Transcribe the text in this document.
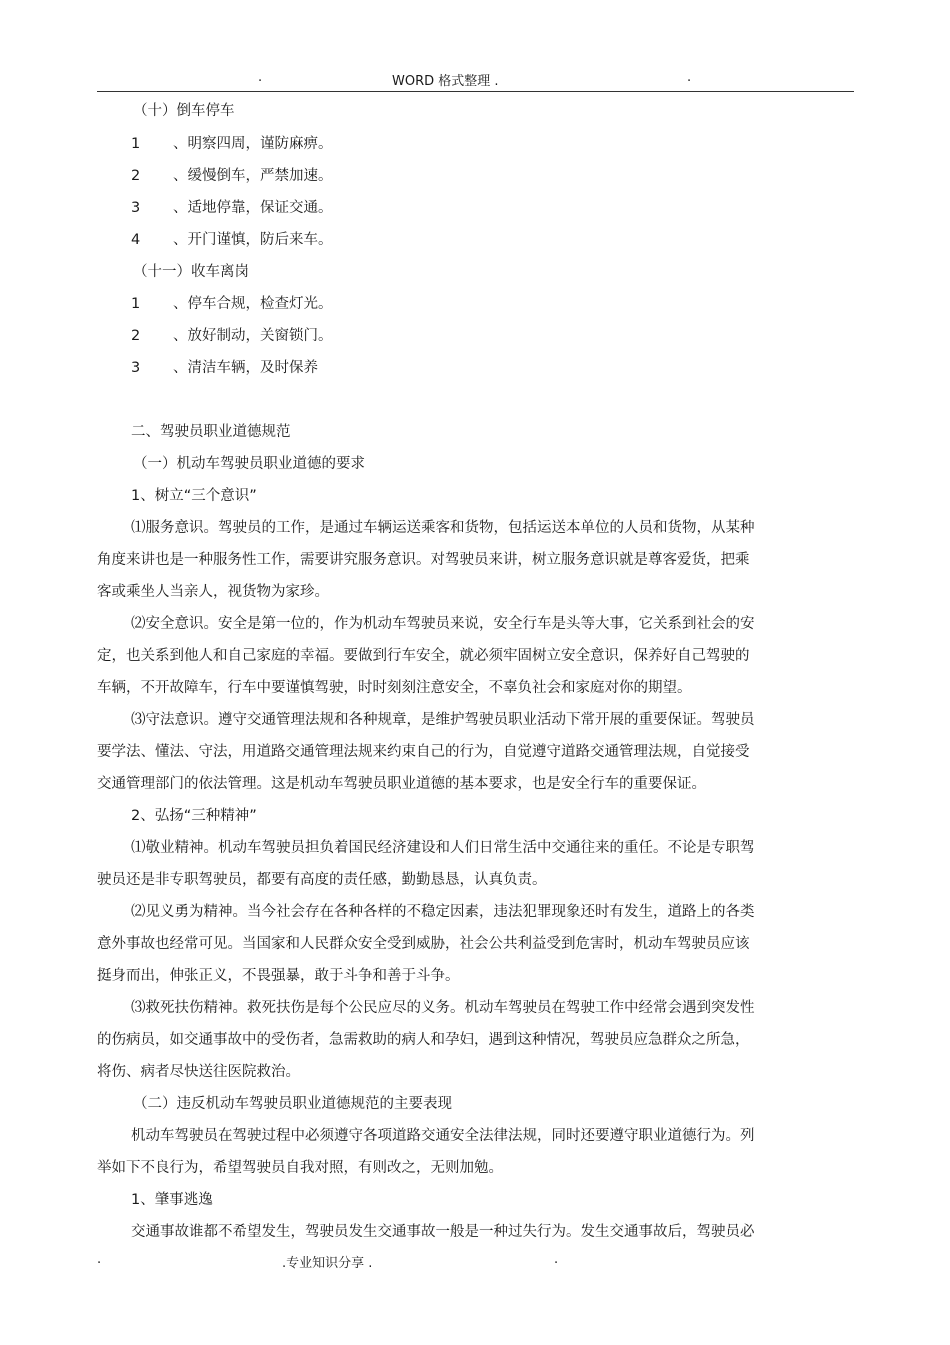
.	WORD 格式整理 .	.
（十）倒车停车
1 、明察四周，谨防麻痹。
2 、缓慢倒车，严禁加速。
3 、适地停靠，保证交通。
4 、开门谨慎，防后来车。
（十一）收车离岗
1 、停车合规，检查灯光。
2 、放好制动，关窗锁门。
3 、清洁车辆，及时保养
二、驾驶员职业道德规范
（一）机动车驾驶员职业道德的要求
1、树立“三个意识”
⑴服务意识。驾驶员的工作，是通过车辆运送乘客和货物，包括运送本单位的人员和货物，从某种
角度来讲也是一种服务性工作，需要讲究服务意识。对驾驶员来讲，树立服务意识就是尊客爱货，把乘
客或乘坐人当亲人，视货物为家珍。
⑵安全意识。安全是第一位的，作为机动车驾驶员来说，安全行车是头等大事，它关系到社会的安
定，也关系到他人和自己家庭的幸福。要做到行车安全，就必须牢固树立安全意识，保养好自己驾驶的
车辆，不开故障车，行车中要谨慎驾驶，时时刻刻注意安全，不辜负社会和家庭对你的期望。
⑶守法意识。遵守交通管理法规和各种规章，是维护驾驶员职业活动下常开展的重要保证。驾驶员
要学法、懂法、守法，用道路交通管理法规来约束自己的行为，自觉遵守道路交通管理法规，自觉接受
交通管理部门的依法管理。这是机动车驾驶员职业道德的基本要求，也是安全行车的重要保证。
2、弘扬“三种精神”
⑴敬业精神。机动车驾驶员担负着国民经济建设和人们日常生活中交通往来的重任。不论是专职驾
驶员还是非专职驾驶员，都要有高度的责任感，勤勤恳恳，认真负责。
⑵见义勇为精神。当今社会存在各种各样的不稳定因素，违法犯罪现象还时有发生，道路上的各类
意外事故也经常可见。当国家和人民群众安全受到威胁，社会公共利益受到危害时，机动车驾驶员应该
挺身而出，伸张正义，不畏强暴，敢于斗争和善于斗争。
⑶救死扶伤精神。救死扶伤是每个公民应尽的义务。机动车驾驶员在驾驶工作中经常会遇到突发性
的伤病员，如交通事故中的受伤者，急需救助的病人和孕妇，遇到这种情况，驾驶员应急群众之所急，
将伤、病者尽快送往医院救治。
（二）违反机动车驾驶员职业道德规范的主要表现
机动车驾驶员在驾驶过程中必须遵守各项道路交通安全法律法规，同时还要遵守职业道德行为。列
举如下不良行为，希望驾驶员自我对照，有则改之，无则加勉。
1、肇事逃逸
交通事故谁都不希望发生，驾驶员发生交通事故一般是一种过失行为。发生交通事故后，驾驶员必
.	.专业知识分享 .	.
